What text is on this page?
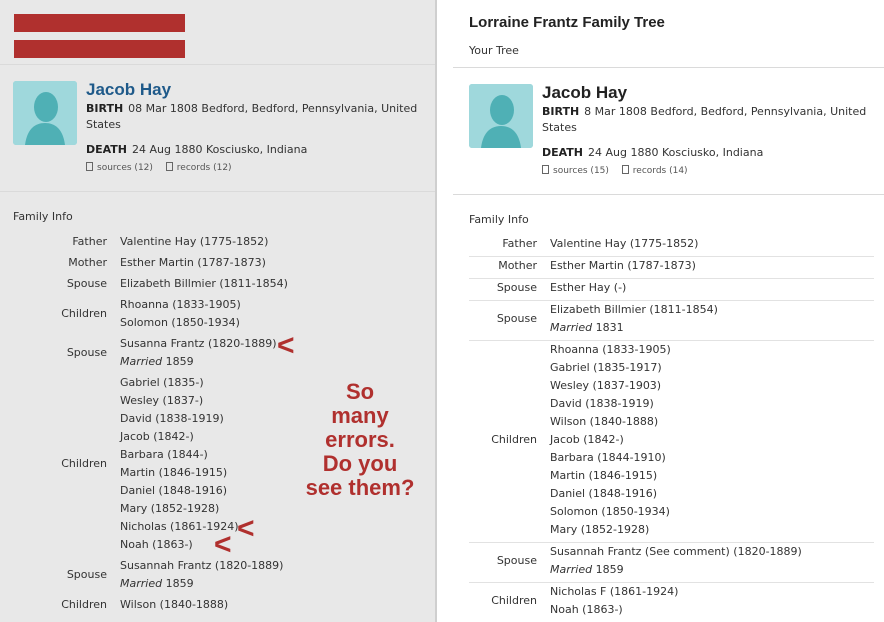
Jacob Hay
BIRTH 08 Mar 1808 Bedford, Bedford, Pennsylvania, United
States
DEATH 24 Aug 1880 Kosciusko, Indiana
sources (12)	records (12)
Family Info
Father Valentine Hay (1775-1852)
Mother Esther Martin (1787-1873)
Spouse Elizabeth Billmier (1811-1854)
Children
Rhoanna (1833-1905)
Solomon (1850-1934)
Spouse
Susanna Frantz (1820-1889)
Married 1859
Children
Gabriel (1835-)
Wesley (1837-)
David (1838-1919)
Jacob (1842-)
Barbara (1844-)
Martin (1846-1915)
Daniel (1848-1916)
Mary (1852-1928)
Nicholas (1861-1924)
Noah (1863-)
Spouse
Susannah Frantz (1820-1889)
Married 1859
Children Wilson (1840-1888)
So
many
errors.
Do you
see them?
<
<
<
Lorraine Frantz Family Tree
Your Tree
Jacob Hay
BIRTH 8 Mar 1808 Bedford, Bedford, Pennsylvania, United
States
DEATH 24 Aug 1880 Kosciusko, Indiana
sources (15)	records (14)
Family Info
Father Valentine Hay (1775-1852)
Mother Esther Martin (1787-1873)
Spouse Esther Hay (-)
Spouse
Elizabeth Billmier (1811-1854)
Married 1831
Children
Rhoanna (1833-1905)
Gabriel (1835-1917)
Wesley (1837-1903)
David (1838-1919)
Wilson (1840-1888)
Jacob (1842-)
Barbara (1844-1910)
Martin (1846-1915)
Daniel (1848-1916)
Solomon (1850-1934)
Mary (1852-1928)
Spouse
Susannah Frantz (See comment) (1820-1889)
Married 1859
Children
Nicholas F (1861-1924)
Noah (1863-)
